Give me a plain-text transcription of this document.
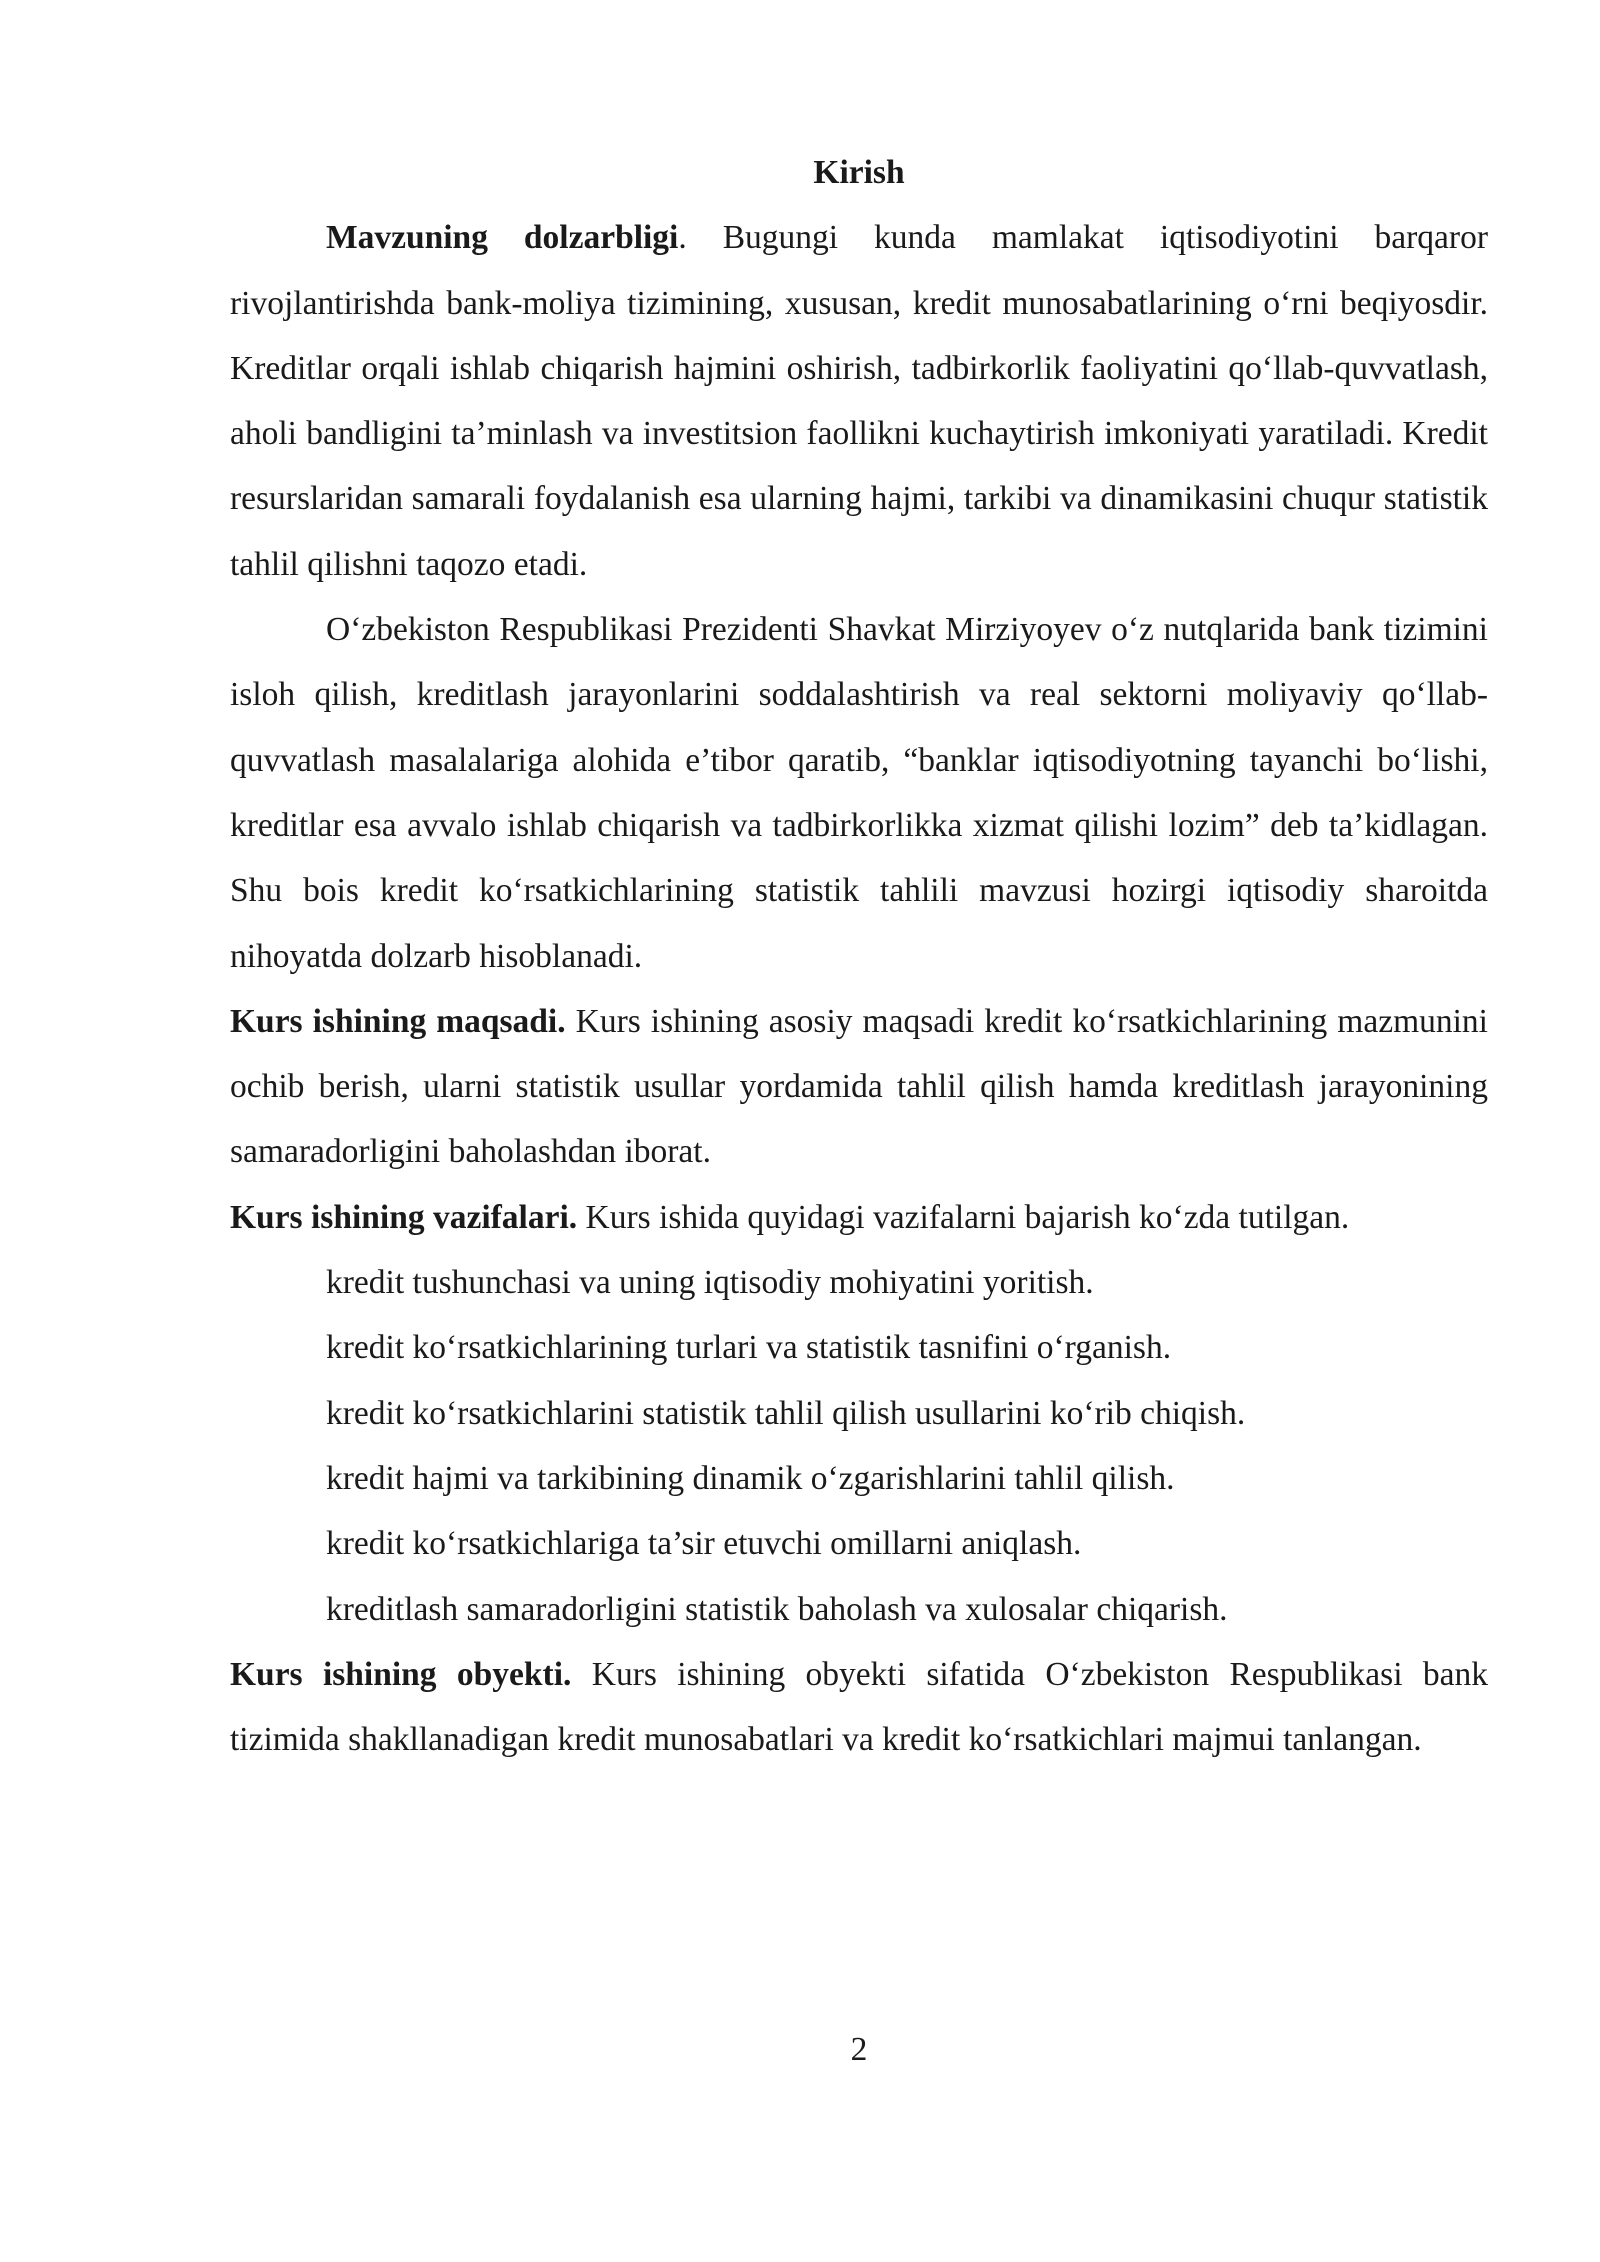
Kirish

Mavzuning dolzarbligi. Bugungi kunda mamlakat iqtisodiyotini barqaror rivojlantirishda bank-moliya tizimining, xususan, kredit munosabatlarining oʻrni beqiyosdir. Kreditlar orqali ishlab chiqarish hajmini oshirish, tadbirkorlik faoliyatini qoʻllab-quvvatlash, aholi bandligini ta’minlash va investitsion faollikni kuchaytirish imkoniyati yaratiladi. Kredit resurslaridan samarali foydalanish esa ularning hajmi, tarkibi va dinamikasini chuqur statistik tahlil qilishni taqozo etadi.

Oʻzbekiston Respublikasi Prezidenti Shavkat Mirziyoyev oʻz nutqlarida bank tizimini isloh qilish, kreditlash jarayonlarini soddalashtirish va real sektorni moliyaviy qoʻllab-quvvatlash masalalariga alohida e’tibor qaratib, “banklar iqtisodiyotning tayanchi boʻlishi, kreditlar esa avvalo ishlab chiqarish va tadbirkorlikka xizmat qilishi lozim” deb ta’kidlagan. Shu bois kredit koʻrsatkichlarining statistik tahlili mavzusi hozirgi iqtisodiy sharoitda nihoyatda dolzarb hisoblanadi.

Kurs ishining maqsadi. Kurs ishining asosiy maqsadi kredit koʻrsatkichlarining mazmunini ochib berish, ularni statistik usullar yordamida tahlil qilish hamda kreditlash jarayonining samaradorligini baholashdan iborat.

Kurs ishining vazifalari. Kurs ishida quyidagi vazifalarni bajarish koʻzda tutilgan.

kredit tushunchasi va uning iqtisodiy mohiyatini yoritish.
kredit koʻrsatkichlarining turlari va statistik tasnifini oʻrganish.
kredit koʻrsatkichlarini statistik tahlil qilish usullarini koʻrib chiqish.
kredit hajmi va tarkibining dinamik oʻzgarishlarini tahlil qilish.
kredit koʻrsatkichlariga ta’sir etuvchi omillarni aniqlash.
kreditlash samaradorligini statistik baholash va xulosalar chiqarish.

Kurs ishining obyekti. Kurs ishining obyekti sifatida Oʻzbekiston Respublikasi bank tizimida shakllanadigan kredit munosabatlari va kredit koʻrsatkichlari majmui tanlangan.

2
